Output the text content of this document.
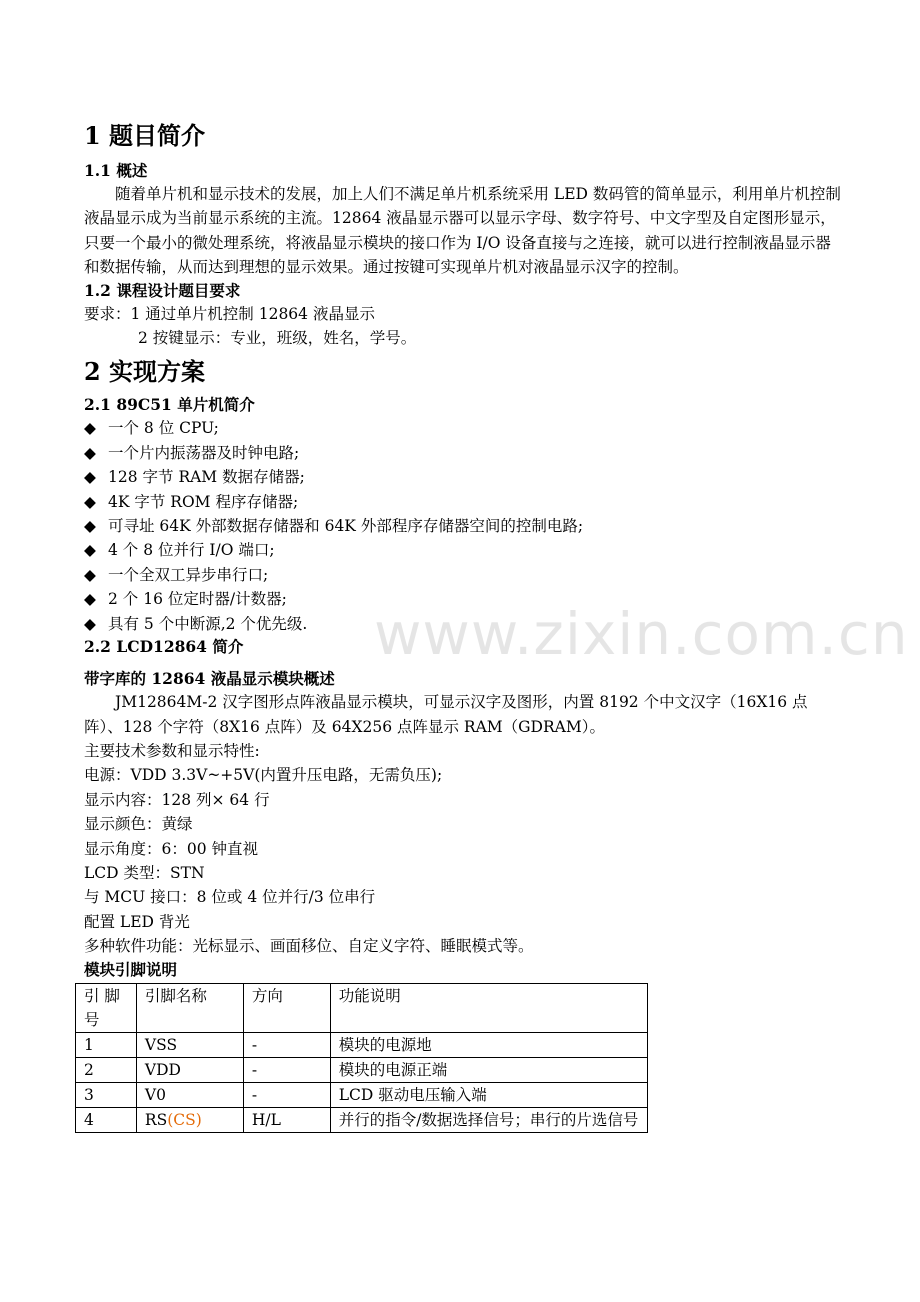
1 题目简介
1.1 概述

随着单片机和显示技术的发展，加上人们不满足单片机系统采用 LED 数码管的简单显示，利用单片机控制液晶显示成为当前显示系统的主流。12864 液晶显示器可以显示字母、数字符号、中文字型及自定图形显示，只要一个最小的微处理系统，将液晶显示模块的接口作为 I/O 设备直接与之连接，就可以进行控制液晶显示器和数据传输，从而达到理想的显示效果。通过按键可实现单片机对液晶显示汉字的控制。

1.2 课程设计题目要求
要求：1 通过单片机控制 12864 液晶显示
2 按键显示：专业，班级，姓名，学号。
2 实现方案
2.1 89C51 单片机简介
◆ 一个 8 位 CPU;
◆ 一个片内振荡器及时钟电路;
◆ 128 字节 RAM 数据存储器;
◆ 4K 字节 ROM 程序存储器;
◆ 可寻址 64K 外部数据存储器和 64K 外部程序存储器空间的控制电路;
◆ 4 个 8 位并行 I/O 端口;
◆ 一个全双工异步串行口;
◆ 2 个 16 位定时器/计数器;
◆ 具有 5 个中断源,2 个优先级.
2.2 LCD12864 简介
带字库的 12864 液晶显示模块概述

JM12864M-2 汉字图形点阵液晶显示模块，可显示汉字及图形，内置 8192 个中文汉字（16X16 点阵）、128 个字符（8X16 点阵）及 64X256 点阵显示 RAM（GDRAM）。

主要技术参数和显示特性:
电源：VDD 3.3V~+5V(内置升压电路，无需负压);
显示内容：128 列× 64 行
显示颜色：黄绿
显示角度：6：00 钟直视
LCD 类型：STN
与 MCU 接口：8 位或 4 位并行/3 位串行
配置 LED 背光
多种软件功能：光标显示、画面移位、自定义字符、睡眠模式等。
模块引脚说明
引 脚号	引脚名称	方向	功能说明
1	VSS	-	模块的电源地
2	VDD	-	模块的电源正端
3	V0	-	LCD 驱动电压输入端
4	RS(CS)	H/L	并行的指令/数据选择信号；串行的片选信号
www.zixin.com.cn
